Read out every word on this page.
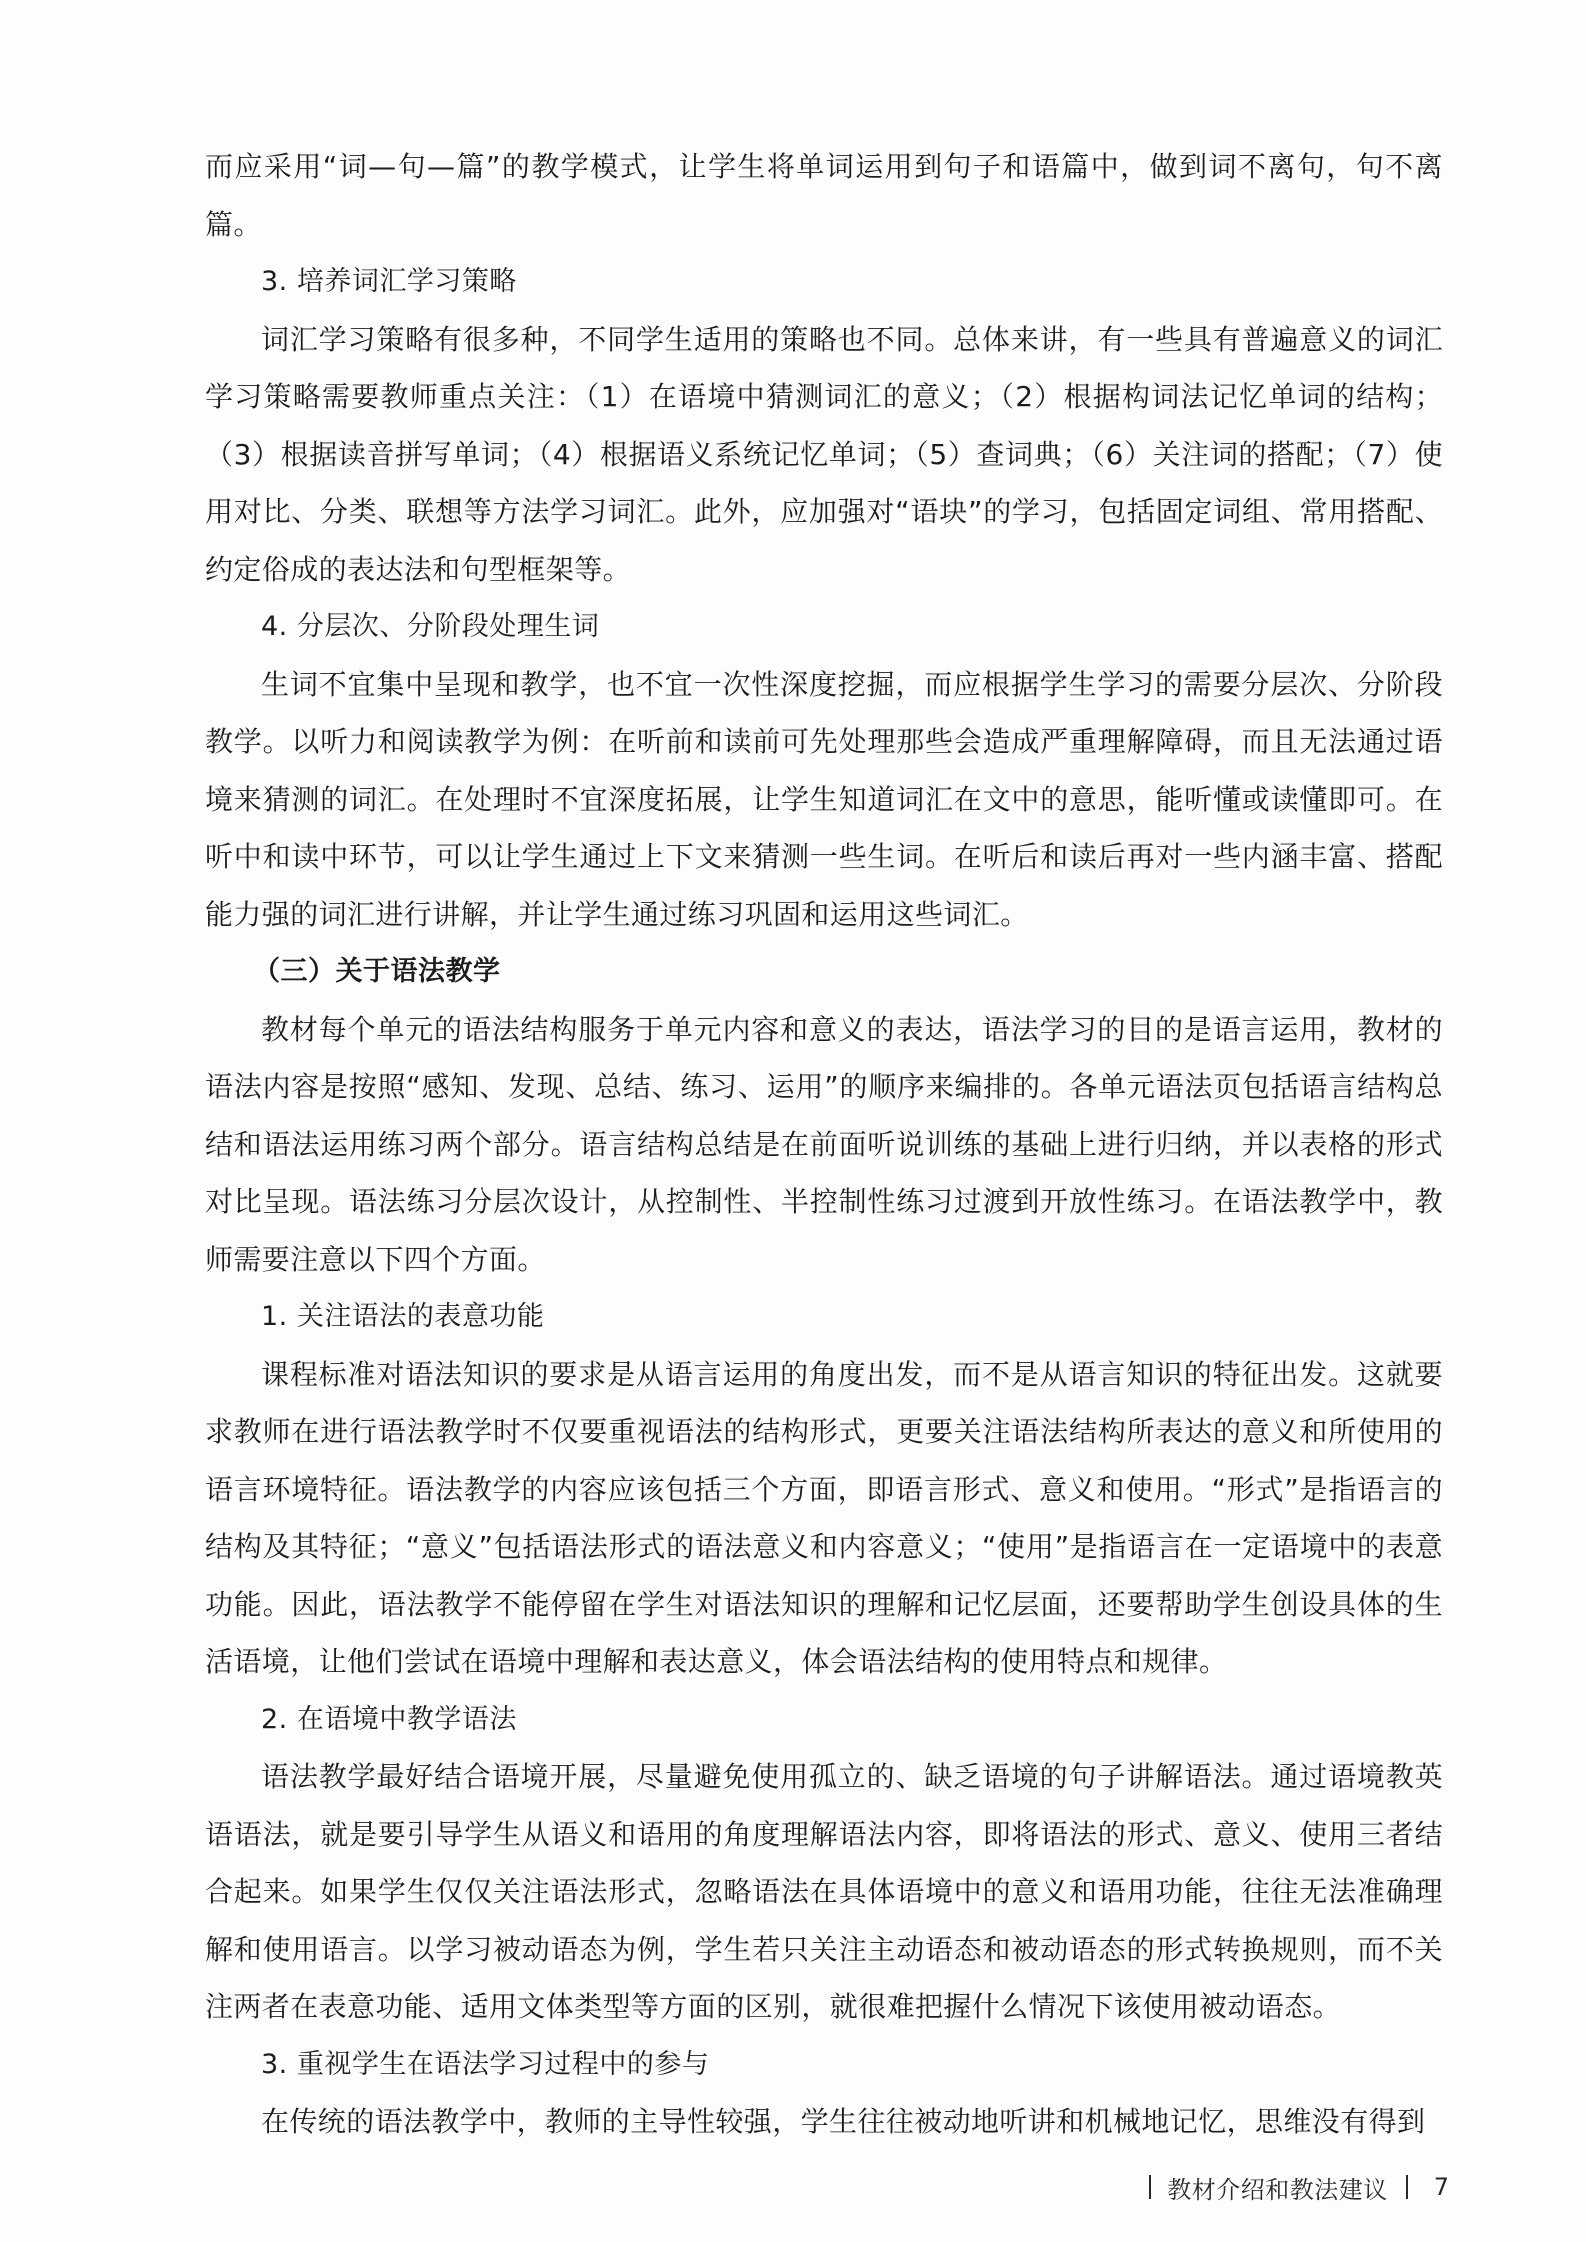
而应采用“词—句—篇”的教学模式，让学生将单词运用到句子和语篇中，做到词不离句，句不离篇。

3. 培养词汇学习策略

词汇学习策略有很多种，不同学生适用的策略也不同。总体来讲，有一些具有普遍意义的词汇学习策略需要教师重点关注：（1）在语境中猜测词汇的意义；（2）根据构词法记忆单词的结构；（3）根据读音拼写单词；（4）根据语义系统记忆单词；（5）查词典；（6）关注词的搭配；（7）使用对比、分类、联想等方法学习词汇。此外，应加强对“语块”的学习，包括固定词组、常用搭配、约定俗成的表达法和句型框架等。

4. 分层次、分阶段处理生词

生词不宜集中呈现和教学，也不宜一次性深度挖掘，而应根据学生学习的需要分层次、分阶段教学。以听力和阅读教学为例：在听前和读前可先处理那些会造成严重理解障碍，而且无法通过语境来猜测的词汇。在处理时不宜深度拓展，让学生知道词汇在文中的意思，能听懂或读懂即可。在听中和读中环节，可以让学生通过上下文来猜测一些生词。在听后和读后再对一些内涵丰富、搭配能力强的词汇进行讲解，并让学生通过练习巩固和运用这些词汇。

（三）关于语法教学

教材每个单元的语法结构服务于单元内容和意义的表达，语法学习的目的是语言运用，教材的语法内容是按照“感知、发现、总结、练习、运用”的顺序来编排的。各单元语法页包括语言结构总结和语法运用练习两个部分。语言结构总结是在前面听说训练的基础上进行归纳，并以表格的形式对比呈现。语法练习分层次设计，从控制性、半控制性练习过渡到开放性练习。在语法教学中，教师需要注意以下四个方面。

1. 关注语法的表意功能

课程标准对语法知识的要求是从语言运用的角度出发，而不是从语言知识的特征出发。这就要求教师在进行语法教学时不仅要重视语法的结构形式，更要关注语法结构所表达的意义和所使用的语言环境特征。语法教学的内容应该包括三个方面，即语言形式、意义和使用。“形式”是指语言的结构及其特征；“意义”包括语法形式的语法意义和内容意义；“使用”是指语言在一定语境中的表意功能。因此，语法教学不能停留在学生对语法知识的理解和记忆层面，还要帮助学生创设具体的生活语境，让他们尝试在语境中理解和表达意义，体会语法结构的使用特点和规律。

2. 在语境中教学语法

语法教学最好结合语境开展，尽量避免使用孤立的、缺乏语境的句子讲解语法。通过语境教英语语法，就是要引导学生从语义和语用的角度理解语法内容，即将语法的形式、意义、使用三者结合起来。如果学生仅仅关注语法形式，忽略语法在具体语境中的意义和语用功能，往往无法准确理解和使用语言。以学习被动语态为例，学生若只关注主动语态和被动语态的形式转换规则，而不关注两者在表意功能、适用文体类型等方面的区别，就很难把握什么情况下该使用被动语态。

3. 重视学生在语法学习过程中的参与

在传统的语法教学中，教师的主导性较强，学生往往被动地听讲和机械地记忆，思维没有得到

教材介绍和教法建议 7
